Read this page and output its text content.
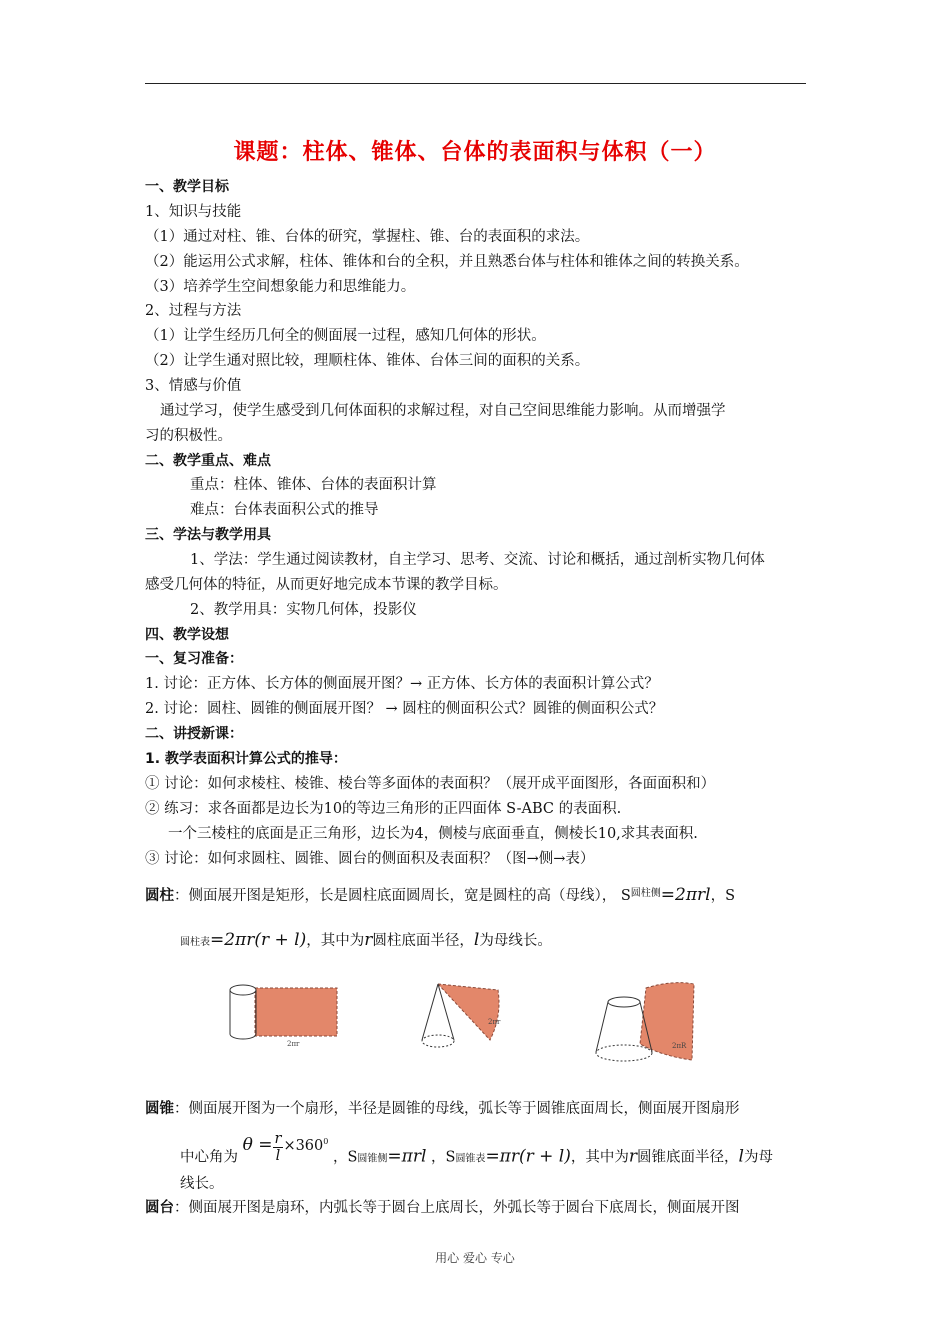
课题：柱体、锥体、台体的表面积与体积（一）
一、教学目标
1、知识与技能
（1）通过对柱、锥、台体的研究，掌握柱、锥、台的表面积的求法。
（2）能运用公式求解，柱体、锥体和台的全积，并且熟悉台体与柱体和锥体之间的转换关系。
（3）培养学生空间想象能力和思维能力。
2、过程与方法
（1）让学生经历几何全的侧面展一过程，感知几何体的形状。
（2）让学生通对照比较，理顺柱体、锥体、台体三间的面积的关系。
3、情感与价值
通过学习，使学生感受到几何体面积的求解过程，对自己空间思维能力影响。从而增强学
习的积极性。
二、教学重点、难点
重点：柱体、锥体、台体的表面积计算
难点：台体表面积公式的推导
三、学法与教学用具
1、学法：学生通过阅读教材，自主学习、思考、交流、讨论和概括，通过剖析实物几何体
感受几何体的特征，从而更好地完成本节课的教学目标。
2、教学用具：实物几何体，投影仪
四、教学设想
一、复习准备：
1. 讨论：正方体、长方体的侧面展开图？→ 正方体、长方体的表面积计算公式？
2. 讨论：圆柱、圆锥的侧面展开图？ → 圆柱的侧面积公式？圆锥的侧面积公式？
二、讲授新课：
1. 教学表面积计算公式的推导：
① 讨论：如何求棱柱、棱锥、棱台等多面体的表面积？（展开成平面图形，各面面积和）
② 练习：求各面都是边长为10的等边三角形的正四面体 S-ABC 的表面积.
一个三棱柱的底面是正三角形，边长为4，侧棱与底面垂直，侧棱长10,求其表面积.
③ 讨论：如何求圆柱、圆锥、圆台的侧面积及表面积？（图→侧→表）
圆柱：侧面展开图是矩形，长是圆柱底面圆周长，宽是圆柱的高（母线）， $S^{圆柱侧}=2\pi rl$，S
圆柱表=2πr(r + l)，其中为r圆柱底面半径，l为母线长。
2πr
2πr
2πR
圆锥：侧面展开图为一个扇形，半径是圆锥的母线，弧长等于圆锥底面周长，侧面展开图扇形
中心角为 $\theta = \frac{r}{l}\times 360^0$ ，S圆锥侧=πrl ，S圆锥表=πr(r + l)，其中为r圆锥底面半径，l为母
线长。
圆台：侧面展开图是扇环，内弧长等于圆台上底周长，外弧长等于圆台下底周长，侧面展开图
用心 爱心 专心
